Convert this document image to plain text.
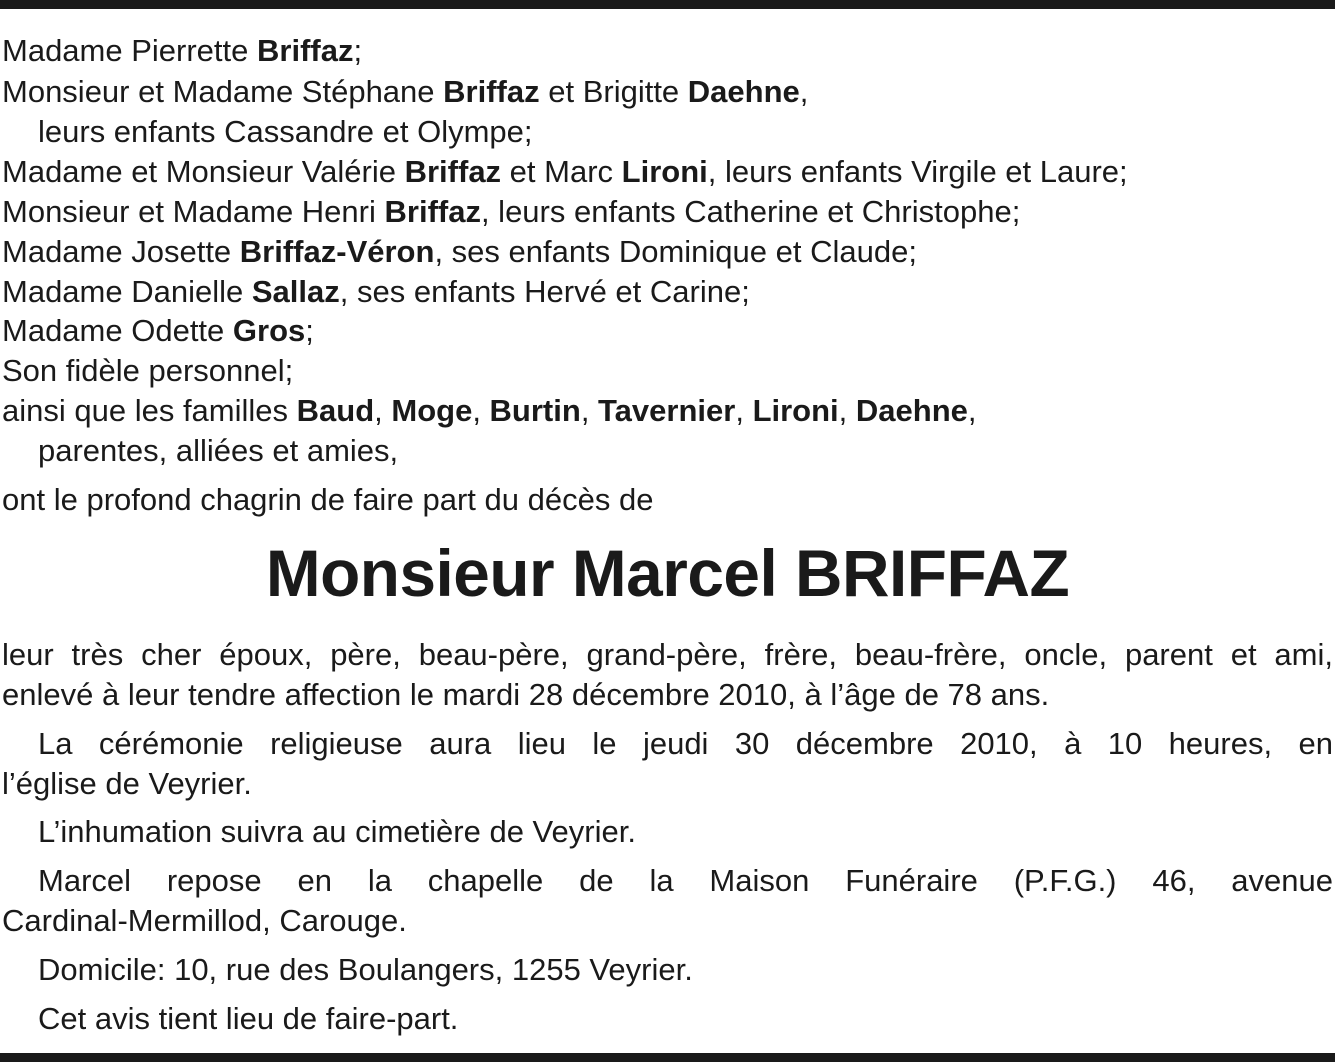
Madame Pierrette Briffaz;
Monsieur et Madame Stéphane Briffaz et Brigitte Daehne,
leurs enfants Cassandre et Olympe;
Madame et Monsieur Valérie Briffaz et Marc Lironi, leurs enfants Virgile et Laure;
Monsieur et Madame Henri Briffaz, leurs enfants Catherine et Christophe;
Madame Josette Briffaz-Véron, ses enfants Dominique et Claude;
Madame Danielle Sallaz, ses enfants Hervé et Carine;
Madame Odette Gros;
Son fidèle personnel;
ainsi que les familles Baud, Moge, Burtin, Tavernier, Lironi, Daehne,
parentes, alliées et amies,
ont le profond chagrin de faire part du décès de
Monsieur Marcel BRIFFAZ
leur très cher époux, père, beau-père, grand-père, frère, beau-frère, oncle, parent et ami,
enlevé à leur tendre affection le mardi 28 décembre 2010, à l’âge de 78 ans.
La cérémonie religieuse aura lieu le jeudi 30 décembre 2010, à 10 heures, en
l’église de Veyrier.
L’inhumation suivra au cimetière de Veyrier.
Marcel repose en la chapelle de la Maison Funéraire (P.F.G.) 46, avenue
Cardinal-Mermillod, Carouge.
Domicile: 10, rue des Boulangers, 1255 Veyrier.
Cet avis tient lieu de faire-part.
